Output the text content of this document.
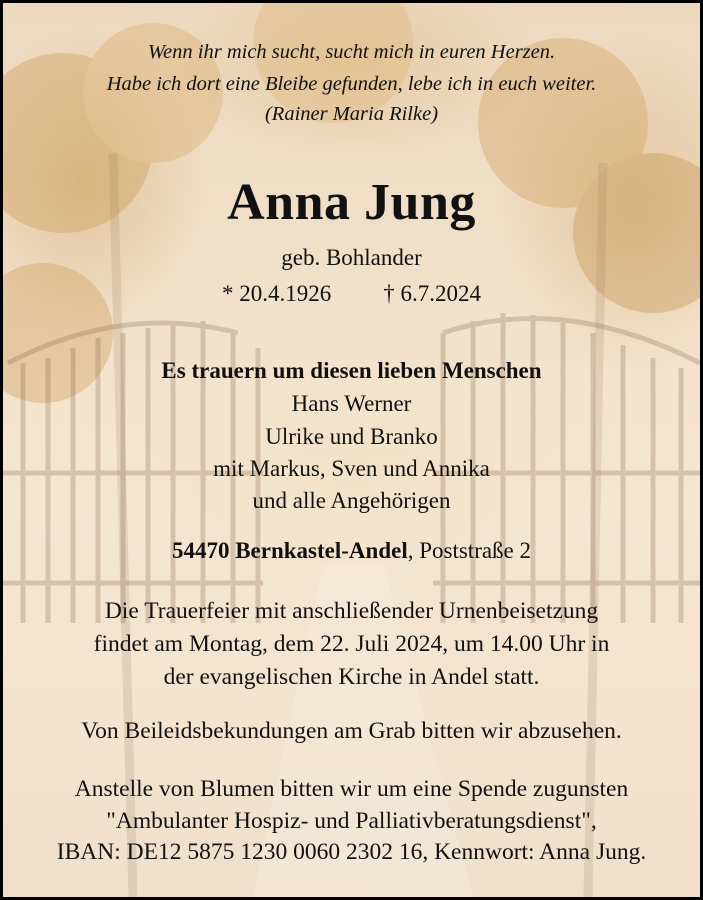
Wenn ihr mich sucht, sucht mich in euren Herzen.
Habe ich dort eine Bleibe gefunden, lebe ich in euch weiter.
(Rainer Maria Rilke)
Anna Jung
geb. Bohlander
* 20.4.1926 † 6.7.2024
Es trauern um diesen lieben Menschen
Hans Werner
Ulrike und Branko
mit Markus, Sven und Annika
und alle Angehörigen
54470 Bernkastel-Andel, Poststraße 2
Die Trauerfeier mit anschließender Urnenbeisetzung
findet am Montag, dem 22. Juli 2024, um 14.00 Uhr in
der evangelischen Kirche in Andel statt.
Von Beileidsbekundungen am Grab bitten wir abzusehen.
Anstelle von Blumen bitten wir um eine Spende zugunsten
"Ambulanter Hospiz- und Palliativberatungsdienst",
IBAN: DE12 5875 1230 0060 2302 16, Kennwort: Anna Jung.
